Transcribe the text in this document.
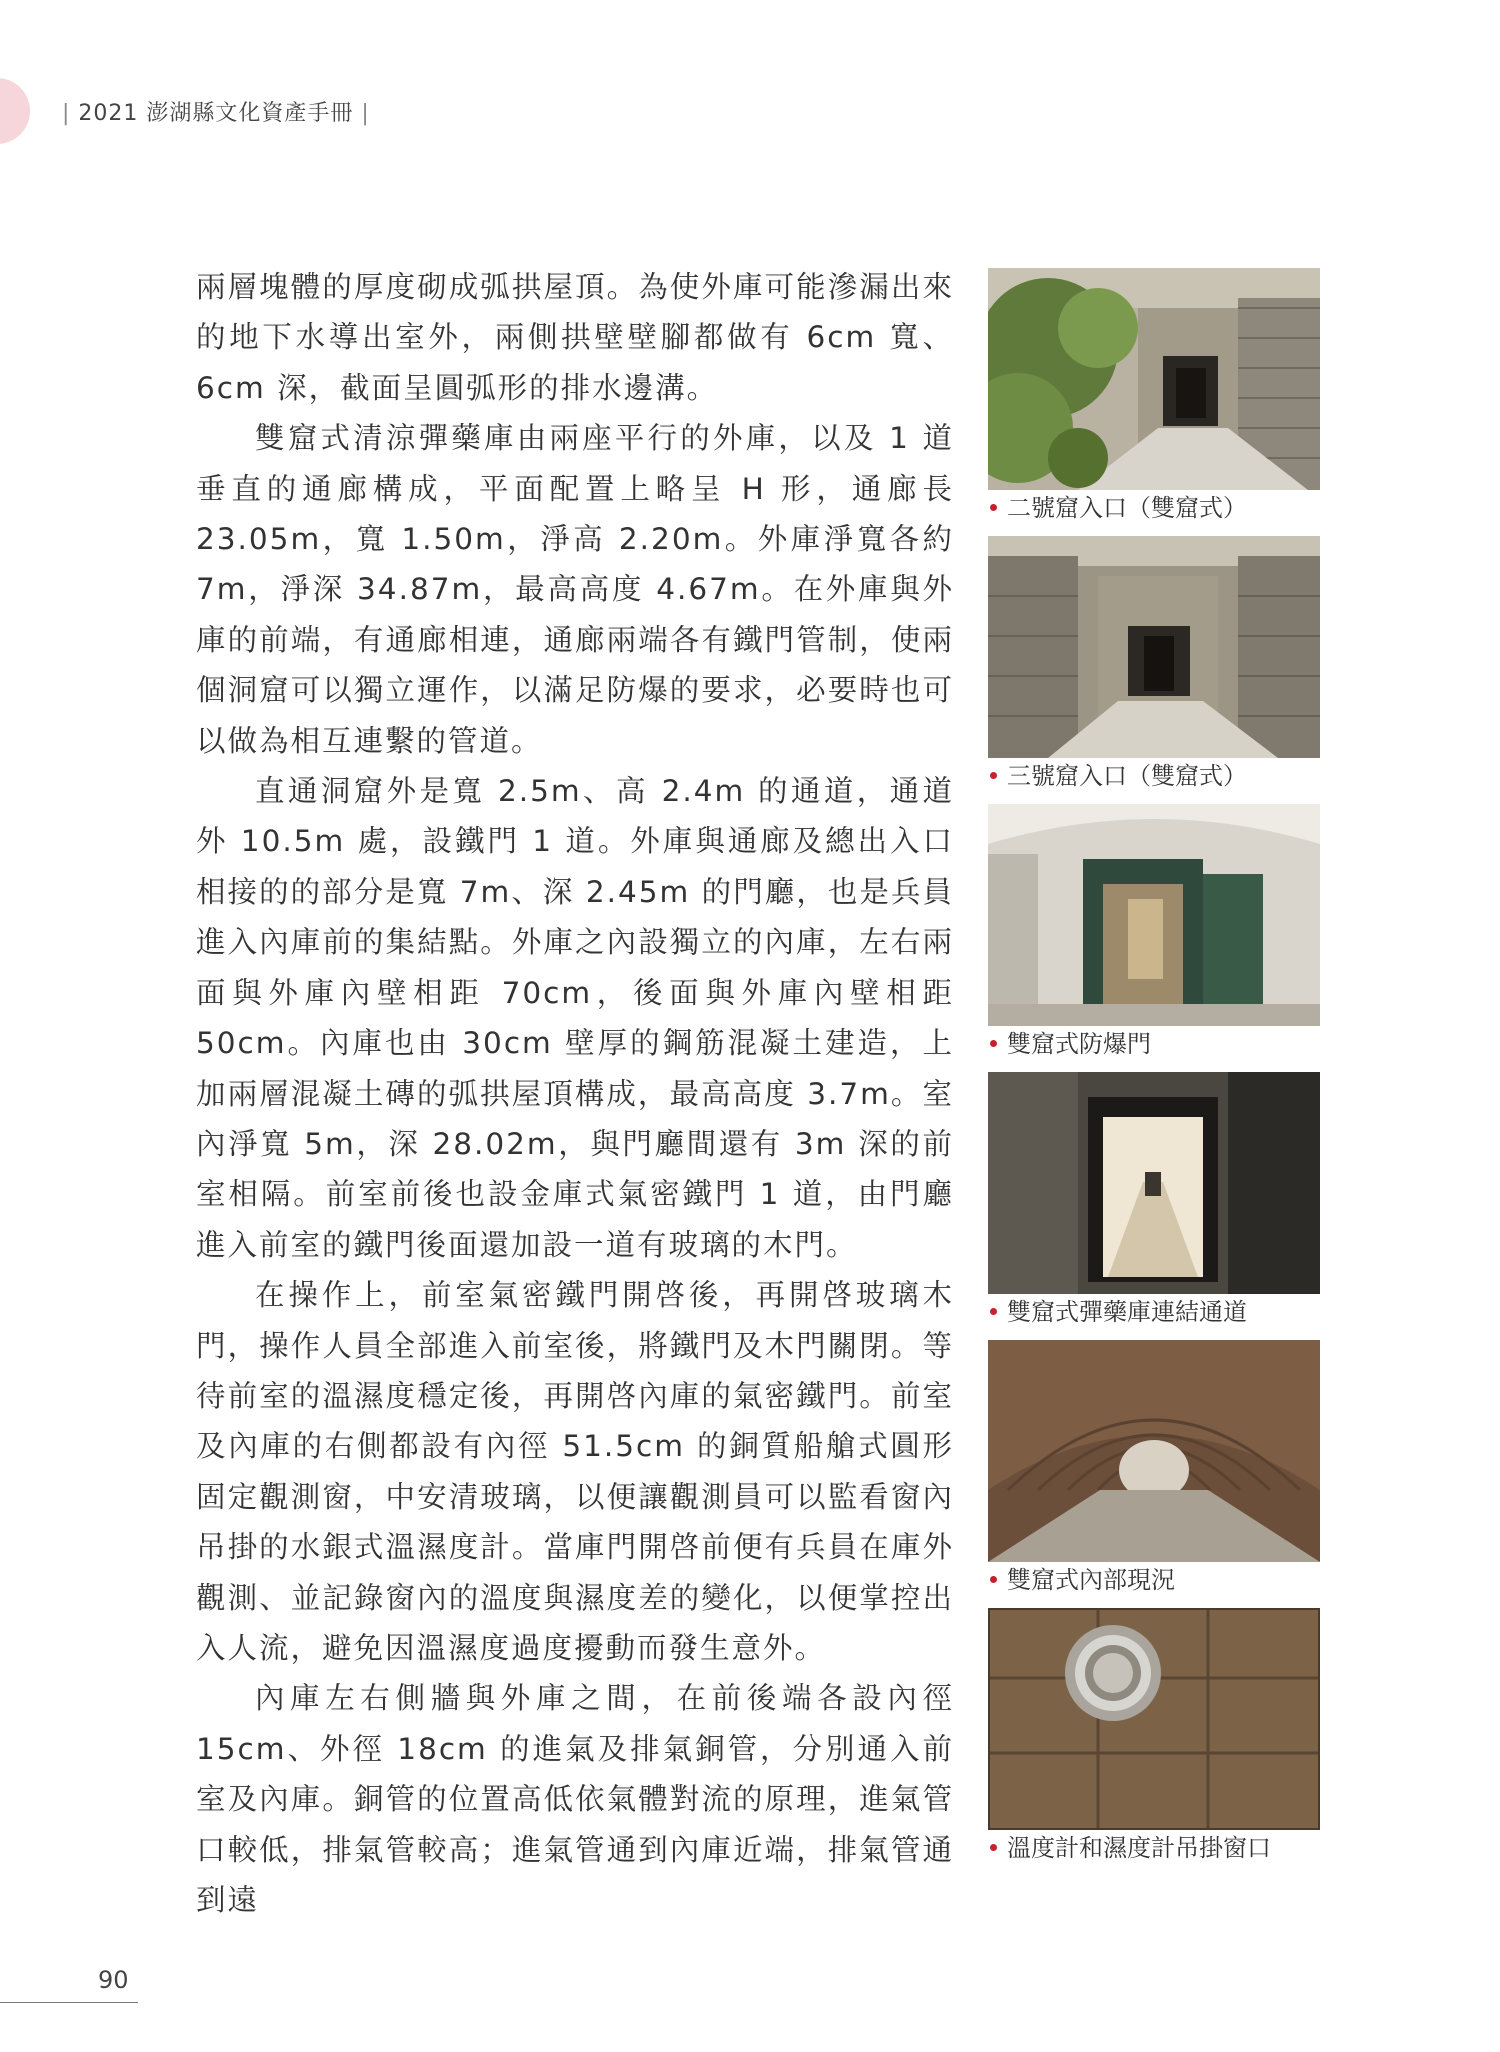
| 2021 澎湖縣文化資產手冊 |

兩層塊體的厚度砌成弧拱屋頂。為使外庫可能滲漏出來的地下水導出室外，兩側拱壁壁腳都做有 6cm 寬、6cm 深，截面呈圓弧形的排水邊溝。

雙窟式清涼彈藥庫由兩座平行的外庫，以及 1 道垂直的通廊構成，平面配置上略呈 H 形，通廊長 23.05m，寬 1.50m，淨高 2.20m。外庫淨寬各約 7m，淨深 34.87m，最高高度 4.67m。在外庫與外庫的前端，有通廊相連，通廊兩端各有鐵門管制，使兩個洞窟可以獨立運作，以滿足防爆的要求，必要時也可以做為相互連繫的管道。

直通洞窟外是寬 2.5m、高 2.4m 的通道，通道外 10.5m 處，設鐵門 1 道。外庫與通廊及總出入口相接的的部分是寬 7m、深 2.45m 的門廳，也是兵員進入內庫前的集結點。外庫之內設獨立的內庫，左右兩面與外庫內壁相距 70cm，後面與外庫內壁相距 50cm。內庫也由 30cm 壁厚的鋼筋混凝土建造，上加兩層混凝土磚的弧拱屋頂構成，最高高度 3.7m。室內淨寬 5m，深 28.02m，與門廳間還有 3m 深的前室相隔。前室前後也設金庫式氣密鐵門 1 道，由門廳進入前室的鐵門後面還加設一道有玻璃的木門。

在操作上，前室氣密鐵門開啓後，再開啓玻璃木門，操作人員全部進入前室後，將鐵門及木門關閉。等待前室的溫濕度穩定後，再開啓內庫的氣密鐵門。前室及內庫的右側都設有內徑 51.5cm 的銅質船艙式圓形固定觀測窗，中安清玻璃，以便讓觀測員可以監看窗內吊掛的水銀式溫濕度計。當庫門開啓前便有兵員在庫外觀測、並記錄窗內的溫度與濕度差的變化，以便掌控出入人流，避免因溫濕度過度擾動而發生意外。

內庫左右側牆與外庫之間，在前後端各設內徑 15cm、外徑 18cm 的進氣及排氣銅管，分別通入前室及內庫。銅管的位置高低依氣體對流的原理，進氣管口較低，排氣管較高；進氣管通到內庫近端，排氣管通到遠

二號窟入口（雙窟式）
三號窟入口（雙窟式）
雙窟式防爆門
雙窟式彈藥庫連結通道
雙窟式內部現況
溫度計和濕度計吊掛窗口
90
